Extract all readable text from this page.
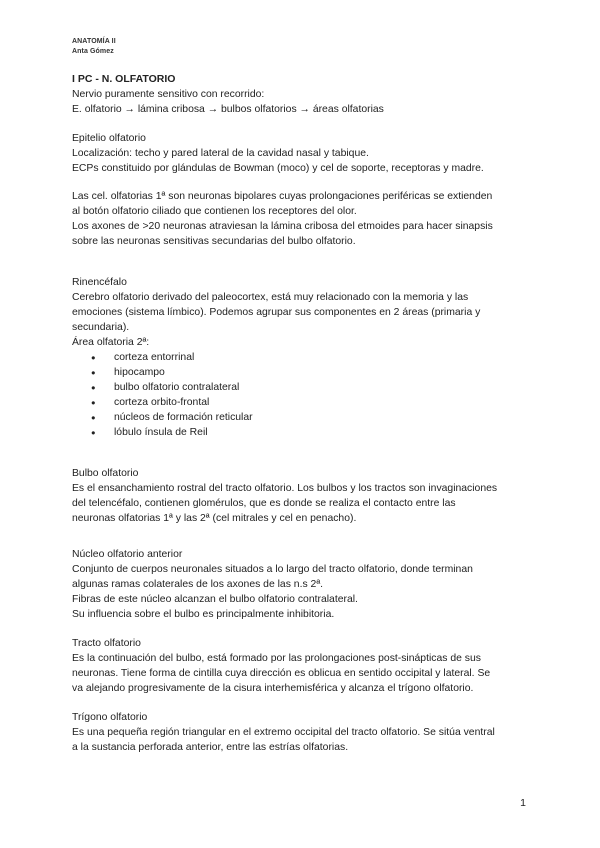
ANATOMÍA II
Anta Gómez

I PC - N. OLFATORIO

Nervio puramente sensitivo con recorrido:

E. olfatorio → lámina cribosa → bulbos olfatorios → áreas olfatorias

Epitelio olfatorio

Localización: techo y pared lateral de la cavidad nasal y tabique.

ECPs constituido por glándulas de Bowman (moco) y cel de soporte, receptoras y madre.

Las cel. olfatorias 1ª son neuronas bipolares cuyas prolongaciones periféricas se extienden

al botón olfatorio ciliado que contienen los receptores del olor.

Los axones de >20 neuronas atraviesan la lámina cribosa del etmoides para hacer sinapsis

sobre las neuronas sensitivas secundarias del bulbo olfatorio.

Rinencéfalo

Cerebro olfatorio derivado del paleocortex, está muy relacionado con la memoria y las

emociones (sistema límbico). Podemos agrupar sus componentes en 2 áreas (primaria y

secundaria).

Área olfatoria 2ª:

● corteza entorrinal
● hipocampo
● bulbo olfatorio contralateral
● corteza orbito-frontal
● núcleos de formación reticular
● lóbulo ínsula de Reil

Bulbo olfatorio

Es el ensanchamiento rostral del tracto olfatorio. Los bulbos y los tractos son invaginaciones

del telencéfalo, contienen glomérulos, que es donde se realiza el contacto entre las

neuronas olfatorias 1ª y las 2ª (cel mitrales y cel en penacho).

Núcleo olfatorio anterior

Conjunto de cuerpos neuronales situados a lo largo del tracto olfatorio, donde terminan

algunas ramas colaterales de los axones de las n.s 2ª.

Fibras de este núcleo alcanzan el bulbo olfatorio contralateral.

Su influencia sobre el bulbo es principalmente inhibitoria.

Tracto olfatorio

Es la continuación del bulbo, está formado por las prolongaciones post-sinápticas de sus

neuronas. Tiene forma de cintilla cuya dirección es oblicua en sentido occipital y lateral. Se

va alejando progresivamente de la cisura interhemisférica y alcanza el trígono olfatorio.

Trígono olfatorio

Es una pequeña región triangular en el extremo occipital del tracto olfatorio. Se sitúa ventral

a la sustancia perforada anterior, entre las estrías olfatorias.

1
